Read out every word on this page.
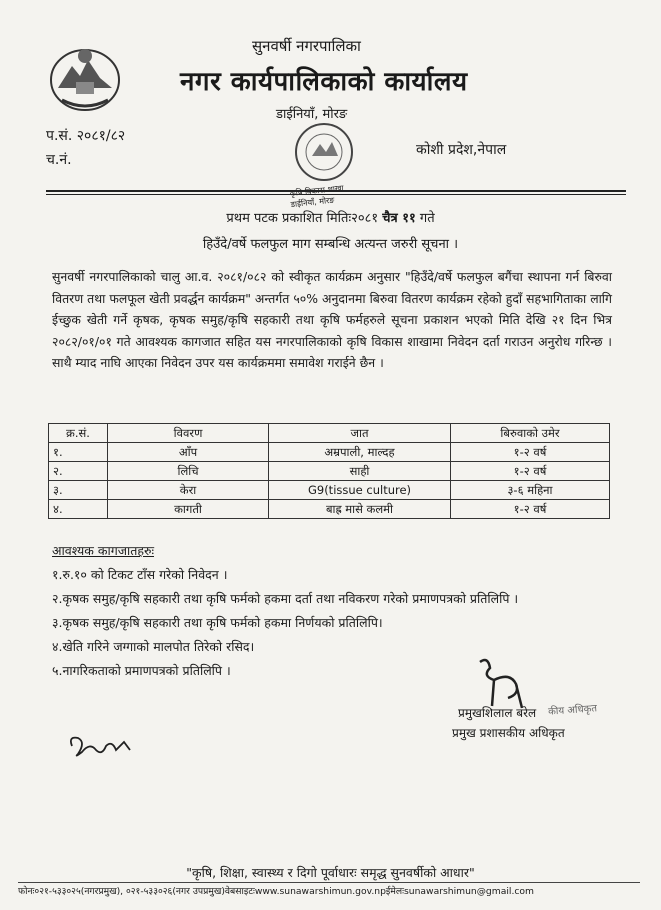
सुनवर्षी नगरपालिका
नगर कार्यपालिकाको कार्यालय
डाईनियाँ, मोरङ
शाखा डाईनियाँ, मोरङ
प.सं. २०८१/८२
च.नं.
कोशी प्रदेश,नेपाल
प्रथम पटक प्रकाशित मितिः२०८१ चैत्र ११ गते
हिउँदे/वर्षे फलफुल माग सम्बन्धि अत्यन्त जरुरी सूचना ।
सुनवर्षी नगरपालिकाको चालु आ.व. २०८१/०८२ को स्वीकृत कार्यक्रम अनुसार "हिउँदे/वर्षे फलफुल बगैंचा स्थापना गर्न बिरुवा वितरण तथा फलफूल खेती प्रवर्द्धन कार्यक्रम" अन्तर्गत ५०% अनुदानमा बिरुवा वितरण कार्यक्रम रहेको हुदाँ सहभागिताका लागि ईच्छुक खेती गर्ने कृषक, कृषक समुह/कृषि सहकारी तथा कृषि फर्महरुले सूचना प्रकाशन भएको मिति देखि २१ दिन भित्र २०८२/०१/०१ गते आवश्यक कागजात सहित यस नगरपालिकाको कृषि विकास शाखामा निवेदन दर्ता गराउन अनुरोध गरिन्छ ।साथै म्याद नाघि आएका निवेदन उपर यस कार्यक्रममा समावेश गराईने छैन ।
क्र.सं.	विवरण	जात	बिरुवाको उमेर
१.	आँप	अम्रपाली, माल्दह	१-२ वर्ष
२.	लिचि	साही	१-२ वर्ष
३.	केरा	G9(tissue culture)	३-६ महिना
४.	कागती	बाह्र मासे कलमी	१-२ वर्ष
आवश्यक कागजातहरुः
१.रु.१० को टिकट टाँस गरेको निवेदन ।
२.कृषक समुह/कृषि सहकारी तथा कृषि फर्मको हकमा दर्ता तथा नविकरण गरेको प्रमाणपत्रको प्रतिलिपि ।
३.कृषक समुह/कृषि सहकारी तथा कृषि फर्मको हकमा निर्णयको प्रतिलिपि।
४.खेति गरिने जग्गाको मालपोत तिरेको रसिद।
५.नागरिकताको प्रमाणपत्रको प्रतिलिपि ।
कीय अधिकृत
प्रमुखशिलाल बरेल
प्रमुख प्रशासकीय अधिकृत
"कृषि, शिक्षा, स्वास्थ्य र दिगो पूर्वाधारः समृद्ध सुनवर्षीको आधार"
फोनः०२१-५३३०२५(नगरप्रमुख), ०२१-५३३०२६(नगर उपप्रमुख)वेबसाइटःwww.sunawarshimun.gov.npईमेलःsunawarshimun@gmail.com
